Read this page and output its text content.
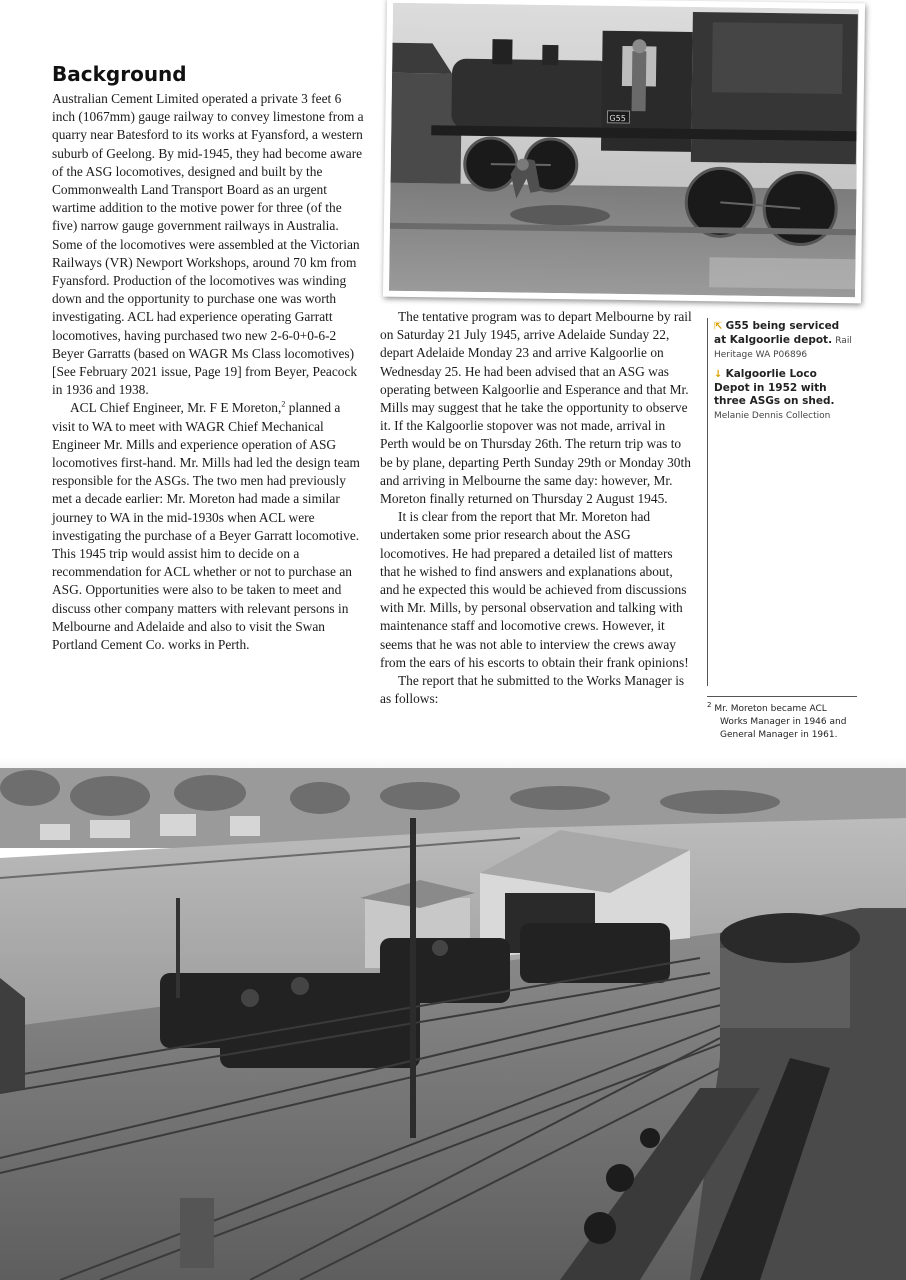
G55
Background

Australian Cement Limited operated a private 3 feet 6 inch (1067mm) gauge railway to convey limestone from a quarry near Batesford to its works at Fyansford, a western suburb of Geelong. By mid-1945, they had become aware of the ASG locomotives, designed and built by the Commonwealth Land Transport Board as an urgent wartime addition to the motive power for three (of the five) narrow gauge government railways in Australia. Some of the locomotives were assembled at the Victorian Railways (VR) Newport Workshops, around 70 km from Fyansford. Production of the locomotives was winding down and the opportunity to purchase one was worth investigating. ACL had experience operating Garratt locomotives, having purchased two new 2-6-0+0-6-2 Beyer Garratts (based on WAGR Ms Class locomotives) [See February 2021 issue, Page 19] from Beyer, Peacock in 1936 and 1938.

ACL Chief Engineer, Mr. F E Moreton,$^2$ planned a visit to WA to meet with WAGR Chief Mechanical Engineer Mr. Mills and experience operation of ASG locomotives first-hand. Mr. Mills had led the design team responsible for the ASGs. The two men had previously met a decade earlier: Mr. Moreton had made a similar journey to WA in the mid-1930s when ACL were investigating the purchase of a Beyer Garratt locomotive. This 1945 trip would assist him to decide on a recommendation for ACL whether or not to purchase an ASG. Opportunities were also to be taken to meet and discuss other company matters with relevant persons in Melbourne and Adelaide and also to visit the Swan Portland Cement Co. works in Perth.

The tentative program was to depart Melbourne by rail on Saturday 21 July 1945, arrive Adelaide Sunday 22, depart Adelaide Monday 23 and arrive Kalgoorlie on Wednesday 25. He had been advised that an ASG was operating between Kalgoorlie and Esperance and that Mr. Mills may suggest that he take the opportunity to observe it. If the Kalgoorlie stopover was not made, arrival in Perth would be on Thursday 26th. The return trip was to be by plane, departing Perth Sunday 29th or Monday 30th and arriving in Melbourne the same day: however, Mr. Moreton finally returned on Thursday 2 August 1945.

It is clear from the report that Mr. Moreton had undertaken some prior research about the ASG locomotives. He had prepared a detailed list of matters that he wished to find answers and explanations about, and he expected this would be achieved from discussions with Mr. Mills, by personal observation and talking with maintenance staff and locomotive crews. However, it seems that he was not able to interview the crews away from the ears of his escorts to obtain their frank opinions!

The report that he submitted to the Works Manager is as follows:

⇱ G55 being serviced at Kalgoorlie depot. Rail Heritage WA P06896
↓ Kalgoorlie Loco Depot in 1952 with three ASGs on shed. Melanie Dennis Collection
$^2$ Mr. Moreton became ACL Works Manager in 1946 and General Manager in 1961.
